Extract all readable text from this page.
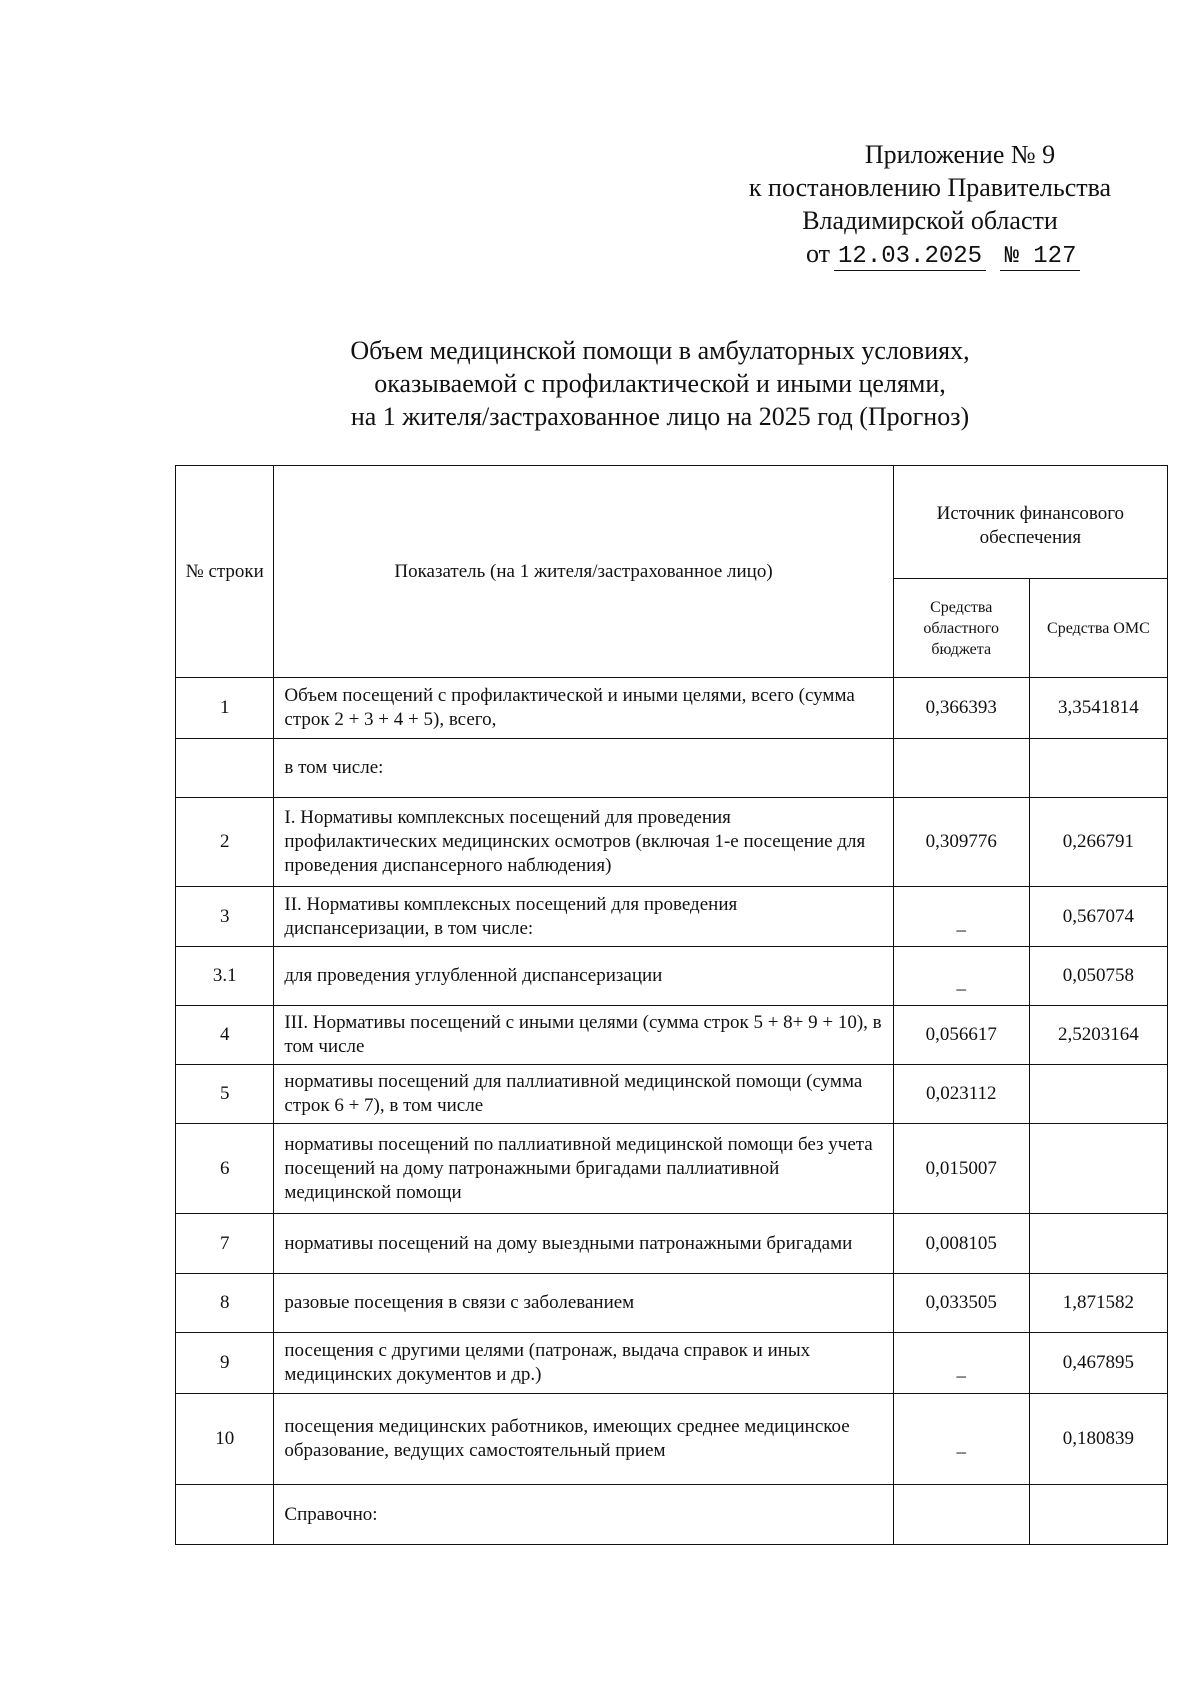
Приложение № 9
к постановлению Правительства
Владимирской области
от 12.03.2025 № 127
Объем медицинской помощи в амбулаторных условиях,
оказываемой с профилактической и иными целями,
на 1 жителя/застрахованное лицо на 2025 год (Прогноз)
№ строки	Показатель (на 1 жителя/застрахованное лицо)	Источник финансового обеспечения	
		Средства областного бюджета	Средства ОМС
1	Объем посещений с профилактической и иными целями, всего (сумма строк 2 + 3 + 4 + 5), всего,	0,366393	3,3541814
	в том числе:		
2	I. Нормативы комплексных посещений для проведения профилактических медицинских осмотров (включая 1-е посещение для проведения диспансерного наблюдения)	0,309776	0,266791
3	II. Нормативы комплексных посещений для проведения диспансеризации, в том числе:	_	0,567074
3.1	для проведения углубленной диспансеризации	_	0,050758
4	III. Нормативы посещений с иными целями (сумма строк 5 + 8+ 9 + 10), в том числе	0,056617	2,5203164
5	нормативы посещений для паллиативной медицинской помощи (сумма строк 6 + 7), в том числе	0,023112	
6	нормативы посещений по паллиативной медицинской помощи без учета посещений на дому патронажными бригадами паллиативной медицинской помощи	0,015007	
7	нормативы посещений на дому выездными патронажными бригадами	0,008105	
8	разовые посещения в связи с заболеванием	0,033505	1,871582
9	посещения с другими целями (патронаж, выдача справок и иных медицинских документов и др.)	_	0,467895
10	посещения медицинских работников, имеющих среднее медицинское образование, ведущих самостоятельный прием	_	0,180839
	Справочно:		
